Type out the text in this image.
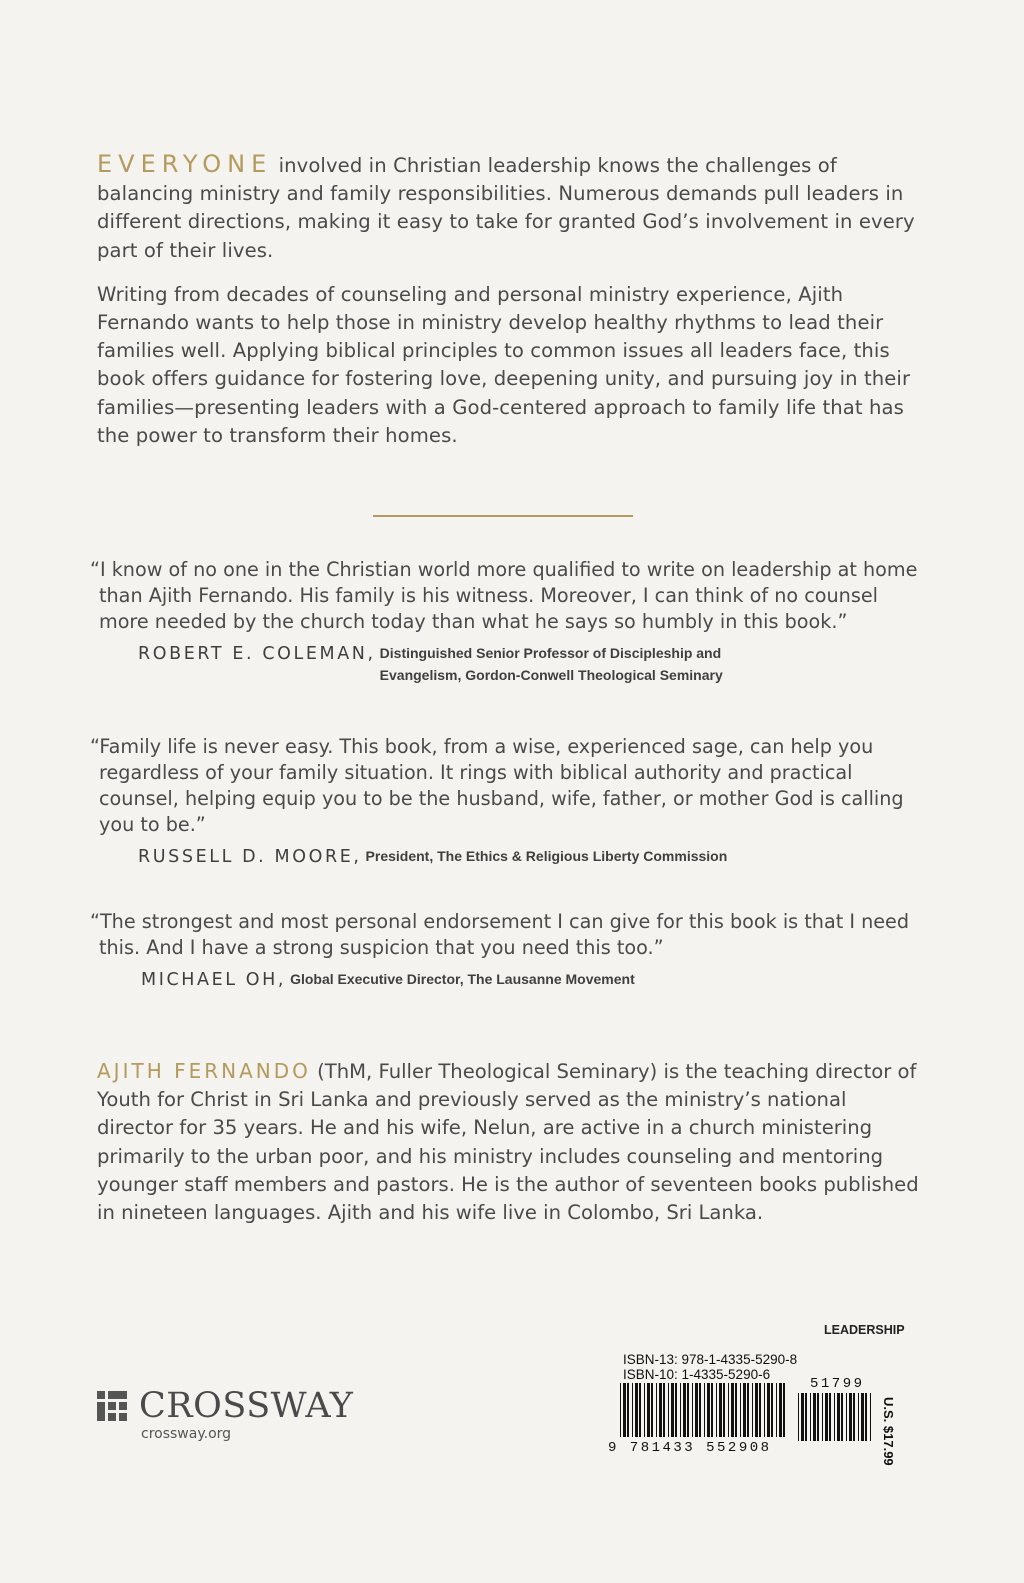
EVERYONE involved in Christian leadership knows the challenges of balancing ministry and family responsibilities. Numerous demands pull leaders in different directions, making it easy to take for granted God’s involvement in every part of their lives.

Writing from decades of counseling and personal ministry experience, Ajith Fernando wants to help those in ministry develop healthy rhythms to lead their families well. Applying biblical principles to common issues all leaders face, this book offers guidance for fostering love, deepening unity, and pursuing joy in their families—presenting leaders with a God-centered approach to family life that has the power to transform their homes.

“I know of no one in the Christian world more qualified to write on leadership at home than Ajith Fernando. His family is his witness. Moreover, I can think of no counsel more needed by the church today than what he says so humbly in this book.”

ROBERT E. COLEMAN, Distinguished Senior Professor of Discipleship and Evangelism, Gordon-Conwell Theological Seminary

“Family life is never easy. This book, from a wise, experienced sage, can help you regardless of your family situation. It rings with biblical authority and practical counsel, helping equip you to be the husband, wife, father, or mother God is calling you to be.”

RUSSELL D. MOORE, President, The Ethics & Religious Liberty Commission

“The strongest and most personal endorsement I can give for this book is that I need this. And I have a strong suspicion that you need this too.”

MICHAEL OH, Global Executive Director, The Lausanne Movement

AJITH FERNANDO (ThM, Fuller Theological Seminary) is the teaching director of Youth for Christ in Sri Lanka and previously served as the ministry’s national director for 35 years. He and his wife, Nelun, are active in a church ministering primarily to the urban poor, and his ministry includes counseling and mentoring younger staff members and pastors. He is the author of seventeen books published in nineteen languages. Ajith and his wife live in Colombo, Sri Lanka.

LEADERSHIP
ISBN-13: 978-1-4335-5290-8
ISBN-10: 1-4335-5290-6
51799
9 781433 552908	U.S. $17.99
CROSSWAY
crossway.org
